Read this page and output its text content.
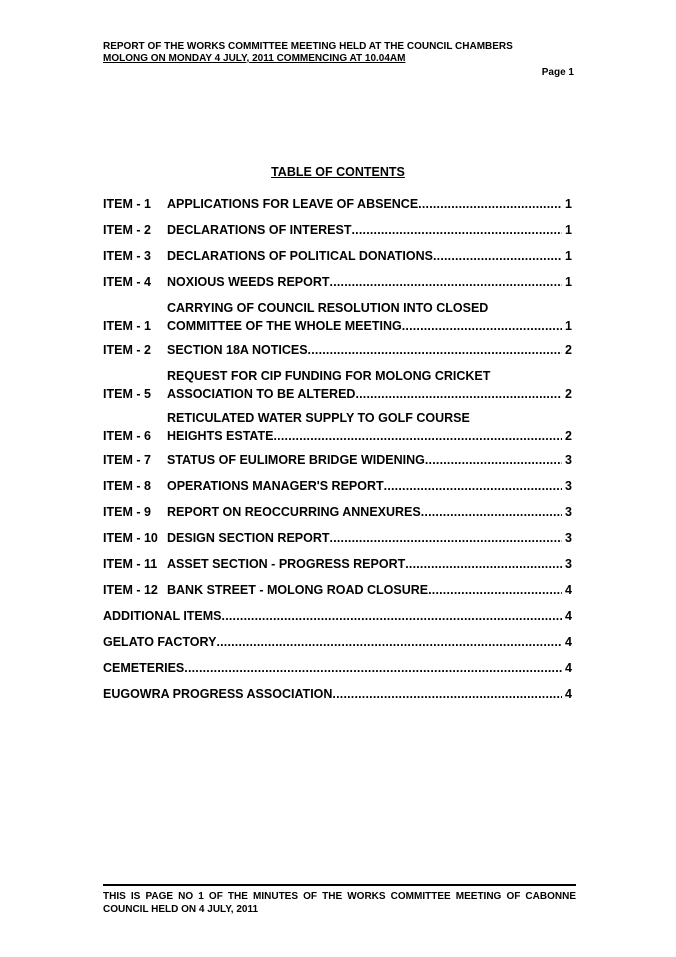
REPORT OF THE WORKS COMMITTEE MEETING HELD AT THE COUNCIL CHAMBERS
MOLONG ON MONDAY 4 JULY, 2011 COMMENCING AT 10.04AM
Page 1
TABLE OF CONTENTS
ITEM - 1	APPLICATIONS FOR LEAVE OF ABSENCE .....	1
ITEM - 2	DECLARATIONS OF INTEREST .....	1
ITEM - 3	DECLARATIONS OF POLITICAL DONATIONS .....	1
ITEM - 4	NOXIOUS WEEDS REPORT .....	1
ITEM - 1
CARRYING OF COUNCIL RESOLUTION INTO CLOSED
COMMITTEE OF THE WHOLE MEETING .....	1
ITEM - 2	SECTION 18A NOTICES .....	2
ITEM - 5
REQUEST FOR CIP FUNDING FOR MOLONG CRICKET
ASSOCIATION TO BE ALTERED .....	2
ITEM - 6
RETICULATED WATER SUPPLY TO GOLF COURSE
HEIGHTS ESTATE .....	2
ITEM - 7	STATUS OF EULIMORE BRIDGE WIDENING .....	3
ITEM - 8	OPERATIONS MANAGER'S REPORT .....	3
ITEM - 9	REPORT ON REOCCURRING ANNEXURES .....	3
ITEM - 10 DESIGN SECTION REPORT .....	3
ITEM - 11 ASSET SECTION - PROGRESS REPORT .....	3
ITEM - 12 BANK STREET - MOLONG ROAD CLOSURE .....	4
ADDITIONAL ITEMS .....	4
GELATO FACTORY .....	4
CEMETERIES .....	4
EUGOWRA PROGRESS ASSOCIATION .....	4
THIS IS PAGE NO 1 OF THE MINUTES OF THE WORKS COMMITTEE MEETING OF CABONNE COUNCIL HELD ON 4 JULY, 2011
